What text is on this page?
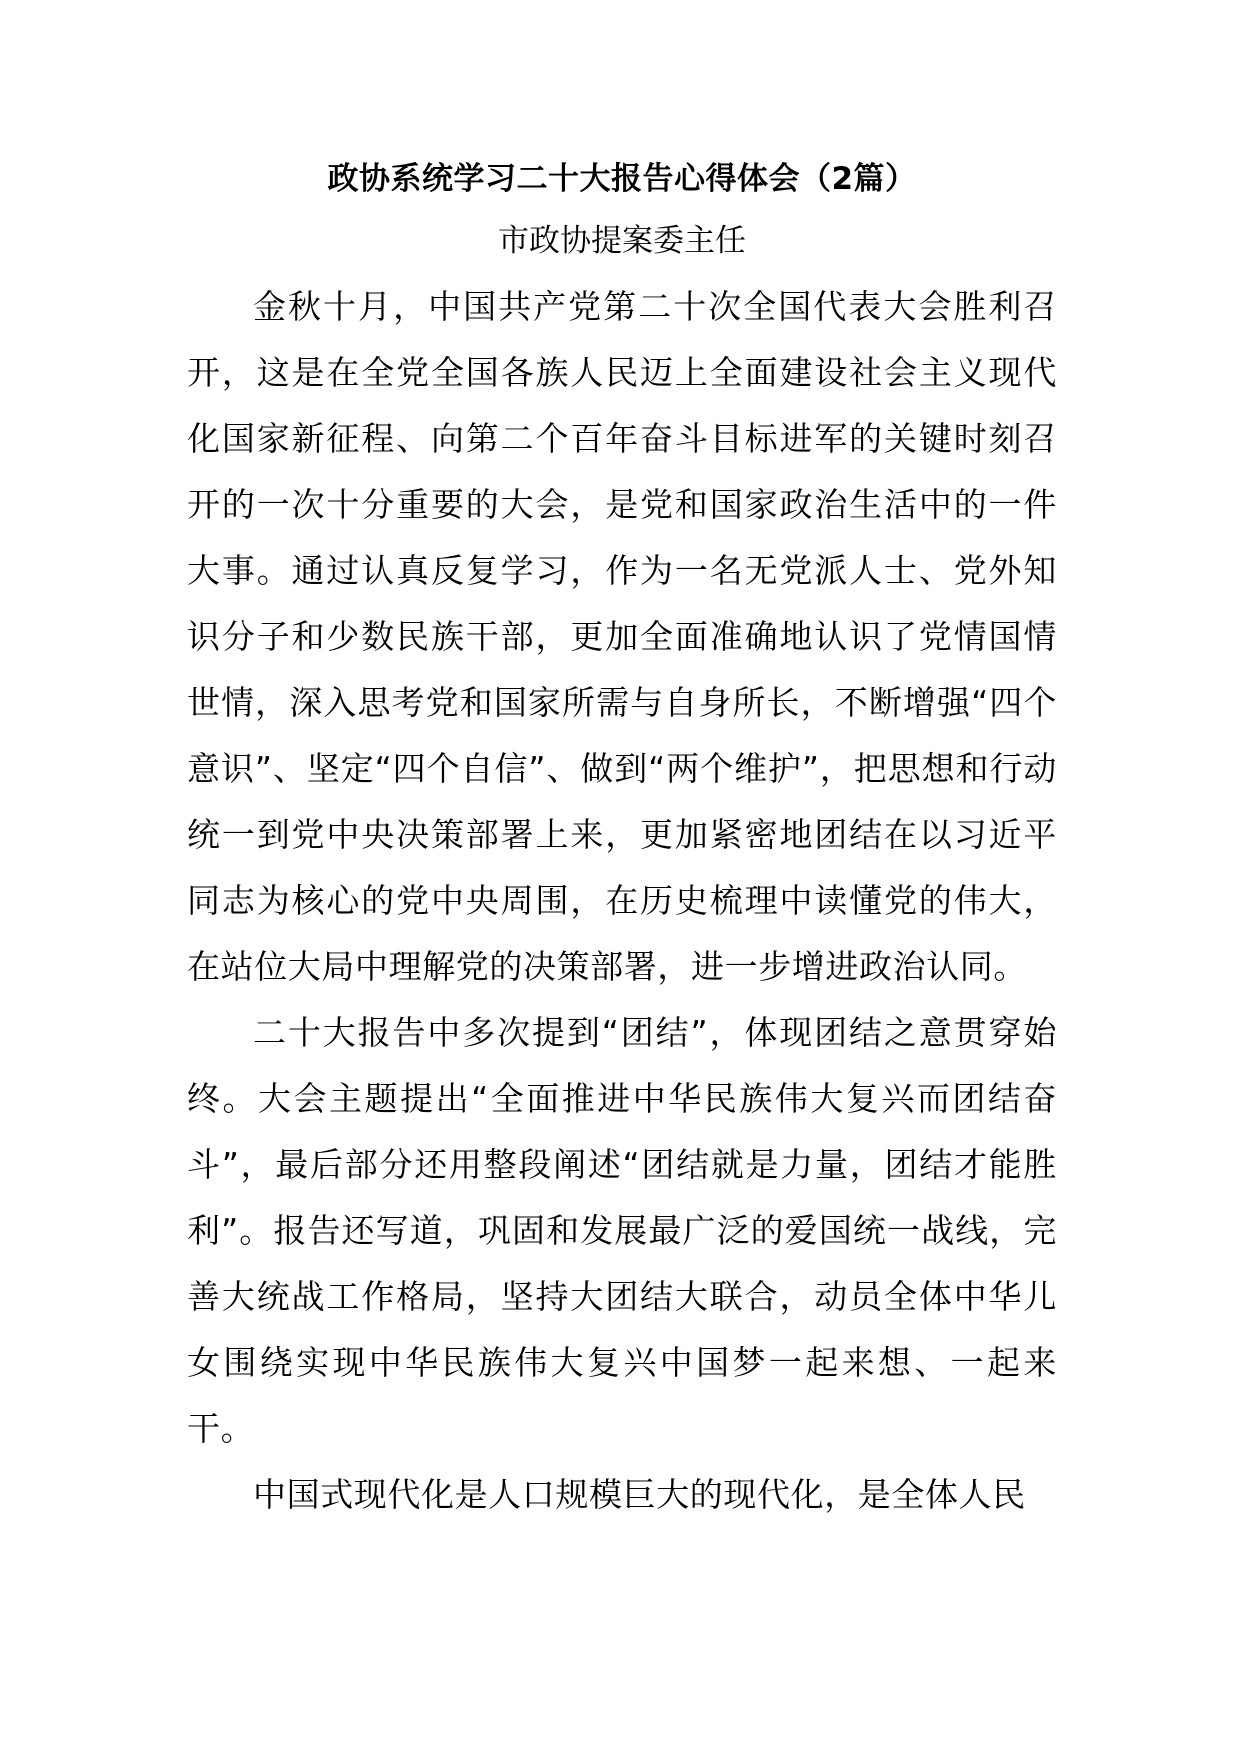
政协系统学习二十大报告心得体会（2篇）

市政协提案委主任

金秋十月，中国共产党第二十次全国代表大会胜利召开，这是在全党全国各族人民迈上全面建设社会主义现代化国家新征程、向第二个百年奋斗目标进军的关键时刻召开的一次十分重要的大会，是党和国家政治生活中的一件大事。通过认真反复学习，作为一名无党派人士、党外知识分子和少数民族干部，更加全面准确地认识了党情国情世情，深入思考党和国家所需与自身所长，不断增强“四个意识”、坚定“四个自信”、做到“两个维护”，把思想和行动统一到党中央决策部署上来，更加紧密地团结在以习近平同志为核心的党中央周围，在历史梳理中读懂党的伟大，在站位大局中理解党的决策部署，进一步增进政治认同。

二十大报告中多次提到“团结”，体现团结之意贯穿始终。大会主题提出“全面推进中华民族伟大复兴而团结奋斗”，最后部分还用整段阐述“团结就是力量，团结才能胜利”。报告还写道，巩固和发展最广泛的爱国统一战线，完善大统战工作格局，坚持大团结大联合，动员全体中华儿女围绕实现中华民族伟大复兴中国梦一起来想、一起来干。

中国式现代化是人口规模巨大的现代化，是全体人民
